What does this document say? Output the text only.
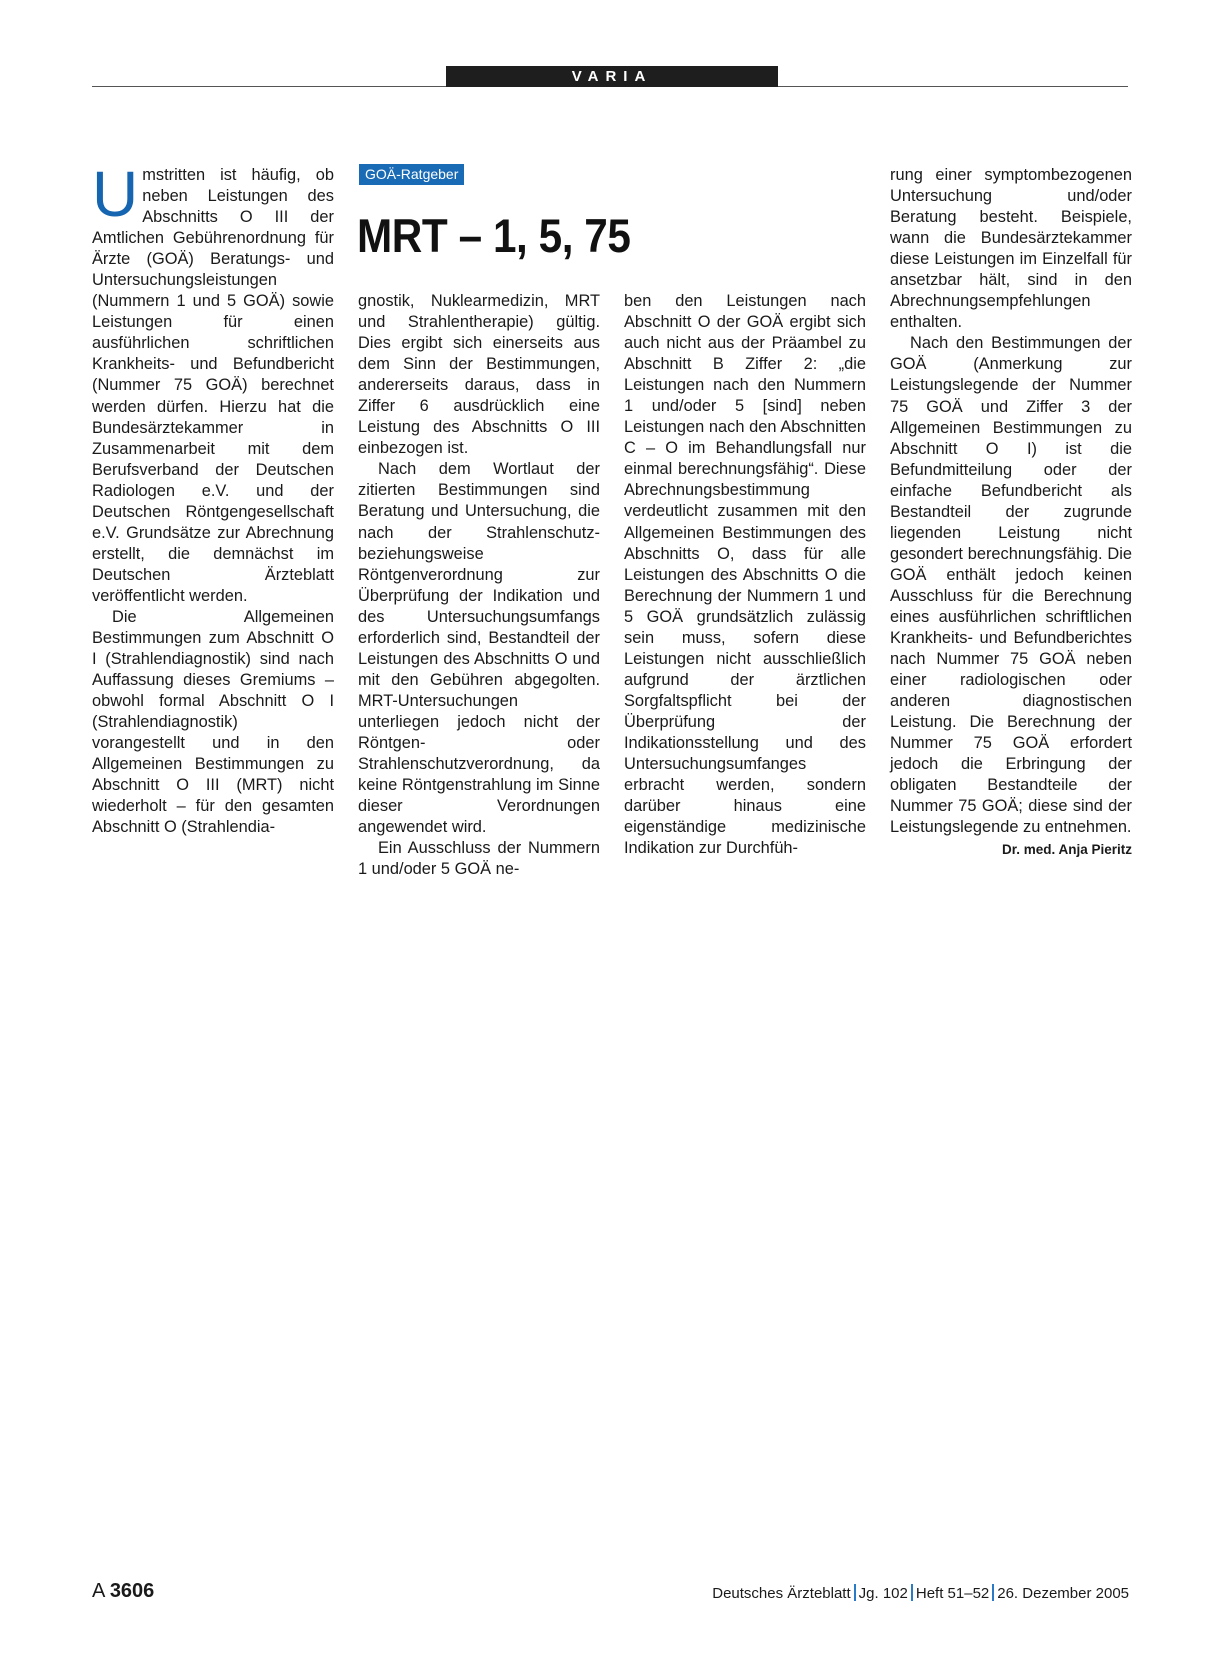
VARIA

Umstritten ist häufig, ob neben Leistungen des Abschnitts O III der Amtlichen Gebührenordnung für Ärzte (GOÄ) Beratungs- und Untersuchungsleistungen (Nummern 1 und 5 GOÄ) sowie Leistungen für einen ausführlichen schriftlichen Krankheits- und Befundbericht (Nummer 75 GOÄ) berechnet werden dürfen. Hierzu hat die Bundesärztekammer in Zusammenarbeit mit dem Berufsverband der Deutschen Radiologen e.V. und der Deutschen Röntgengesellschaft e.V. Grundsätze zur Abrechnung erstellt, die demnächst im Deutschen Ärzteblatt veröffentlicht werden.

Die Allgemeinen Bestimmungen zum Abschnitt O I (Strahlendiagnostik) sind nach Auffassung dieses Gremiums – obwohl formal Abschnitt O I (Strahlendiagnostik) vorangestellt und in den Allgemeinen Bestimmungen zu Abschnitt O III (MRT) nicht wiederholt – für den gesamten Abschnitt O (Strahlendia-

GOÄ-Ratgeber
MRT – 1, 5, 75

gnostik, Nuklearmedizin, MRT und Strahlentherapie) gültig. Dies ergibt sich einerseits aus dem Sinn der Bestimmungen, andererseits daraus, dass in Ziffer 6 ausdrücklich eine Leistung des Abschnitts O III einbezogen ist.

Nach dem Wortlaut der zitierten Bestimmungen sind Beratung und Untersuchung, die nach der Strahlenschutz- beziehungsweise Röntgenverordnung zur Überprüfung der Indikation und des Untersuchungsumfangs erforderlich sind, Bestandteil der Leistungen des Abschnitts O und mit den Gebühren abgegolten. MRT-Untersuchungen unterliegen jedoch nicht der Röntgen- oder Strahlenschutzverordnung, da keine Röntgenstrahlung im Sinne dieser Verordnungen angewendet wird.

Ein Ausschluss der Nummern 1 und/oder 5 GOÄ ne-

ben den Leistungen nach Abschnitt O der GOÄ ergibt sich auch nicht aus der Präambel zu Abschnitt B Ziffer 2: „die Leistungen nach den Nummern 1 und/oder 5 [sind] neben Leistungen nach den Abschnitten C – O im Behandlungsfall nur einmal berechnungsfähig“. Diese Abrechnungsbestimmung verdeutlicht zusammen mit den Allgemeinen Bestimmungen des Abschnitts O, dass für alle Leistungen des Abschnitts O die Berechnung der Nummern 1 und 5 GOÄ grundsätzlich zulässig sein muss, sofern diese Leistungen nicht ausschließlich aufgrund der ärztlichen Sorgfaltspflicht bei der Überprüfung der Indikationsstellung und des Untersuchungsumfanges erbracht werden, sondern darüber hinaus eine eigenständige medizinische Indikation zur Durchfüh-

rung einer symptombezogenen Untersuchung und/oder Beratung besteht. Beispiele, wann die Bundesärztekammer diese Leistungen im Einzelfall für ansetzbar hält, sind in den Abrechnungsempfehlungen enthalten.

Nach den Bestimmungen der GOÄ (Anmerkung zur Leistungslegende der Nummer 75 GOÄ und Ziffer 3 der Allgemeinen Bestimmungen zu Abschnitt O I) ist die Befundmitteilung oder der einfache Befundbericht als Bestandteil der zugrunde liegenden Leistung nicht gesondert berechnungsfähig. Die GOÄ enthält jedoch keinen Ausschluss für die Berechnung eines ausführlichen schriftlichen Krankheits- und Befundberichtes nach Nummer 75 GOÄ neben einer radiologischen oder anderen diagnostischen Leistung. Die Berechnung der Nummer 75 GOÄ erfordert jedoch die Erbringung der obligaten Bestandteile der Nummer 75 GOÄ; diese sind der Leistungslegende zu entnehmen.
Dr. med. Anja Pieritz

A 3606	Deutsches Ärzteblatt Jg. 102 Heft 51–52 26. Dezember 2005
